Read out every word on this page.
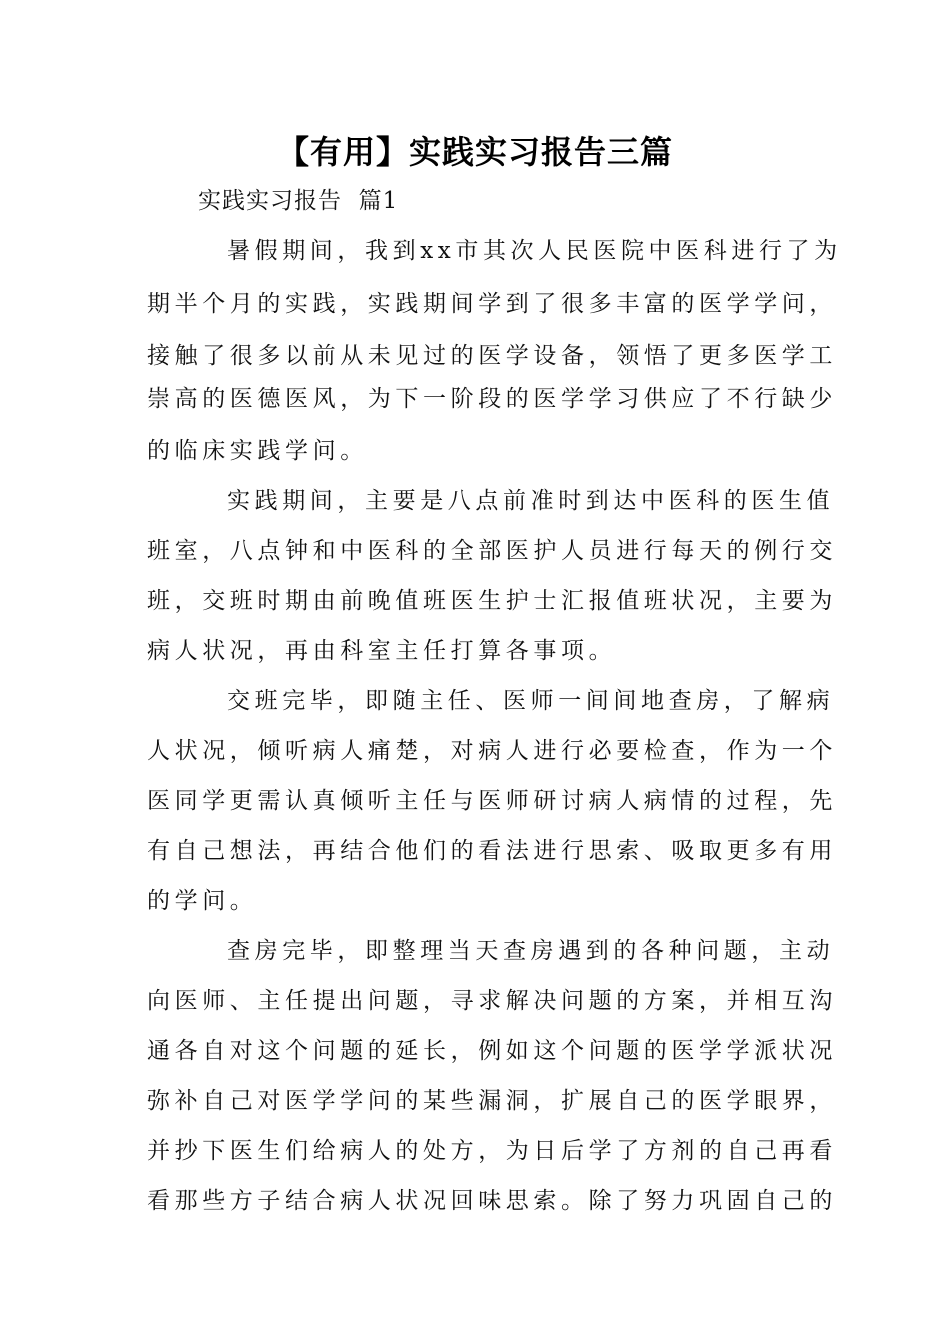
【有用】实践实习报告三篇
实践实习报告  篇1
暑假期间，我到xx市其次人民医院中医科进行了为
期半个月的实践，实践期间学到了很多丰富的医学学问，
接触了很多以前从未见过的医学设备，领悟了更多医学工
崇高的医德医风，为下一阶段的医学学习供应了不行缺少
的临床实践学问。
实践期间，主要是八点前准时到达中医科的医生值
班室，八点钟和中医科的全部医护人员进行每天的例行交
班，交班时期由前晚值班医生护士汇报值班状况，主要为
病人状况，再由科室主任打算各事项。
交班完毕，即随主任、医师一间间地查房，了解病
人状况，倾听病人痛楚，对病人进行必要检查，作为一个
医同学更需认真倾听主任与医师研讨病人病情的过程，先
有自己想法，再结合他们的看法进行思索、吸取更多有用
的学问。
查房完毕，即整理当天查房遇到的各种问题，主动
向医师、主任提出问题，寻求解决问题的方案，并相互沟
通各自对这个问题的延长，例如这个问题的医学学派状况
弥补自己对医学学问的某些漏洞，扩展自己的医学眼界，
并抄下医生们给病人的处方，为日后学了方剂的自己再看
看那些方子结合病人状况回味思索。除了努力巩固自己的
